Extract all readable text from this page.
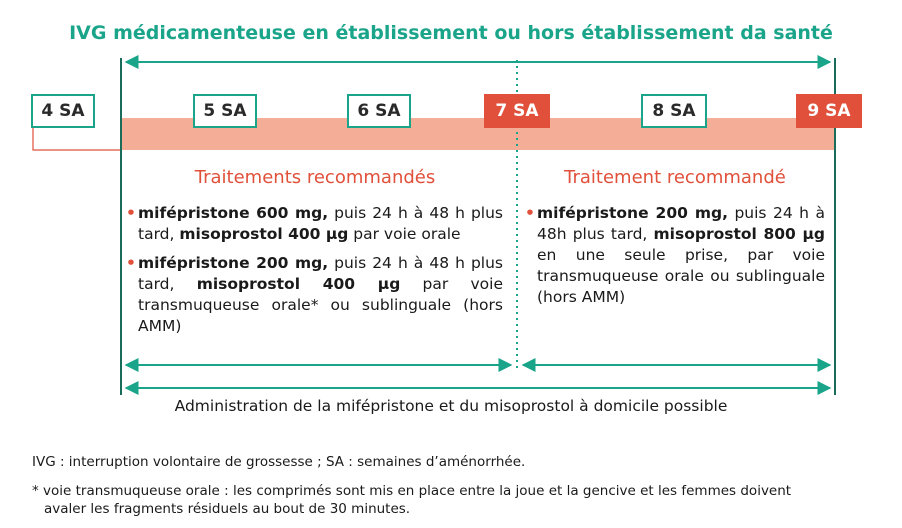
IVG médicamenteuse en établissement ou hors établissement da santé
4 SA	5 SA	6 SA	7 SA	8 SA	9 SA
Traitements recommandés
• mifépristone 600 mg, puis 24 h à 48 h plus tard, misoprostol 400 µg par voie orale
• mifépristone 200 mg, puis 24 h à 48 h plus tard, misoprostol 400 µg par voie transmuqueuse orale* ou sublinguale (hors AMM)
Traitement recommandé
• mifépristone 200 mg, puis 24 h à 48h plus tard, misoprostol 800 µg en une seule prise, par voie transmuqueuse orale ou sublinguale (hors AMM)
Administration de la mifépristone et du misoprostol à domicile possible
IVG : interruption volontaire de grossesse ; SA : semaines d’aménorrhée.
* voie transmuqueuse orale : les comprimés sont mis en place entre la joue et la gencive et les femmes doivent
avaler les fragments résiduels au bout de 30 minutes.
